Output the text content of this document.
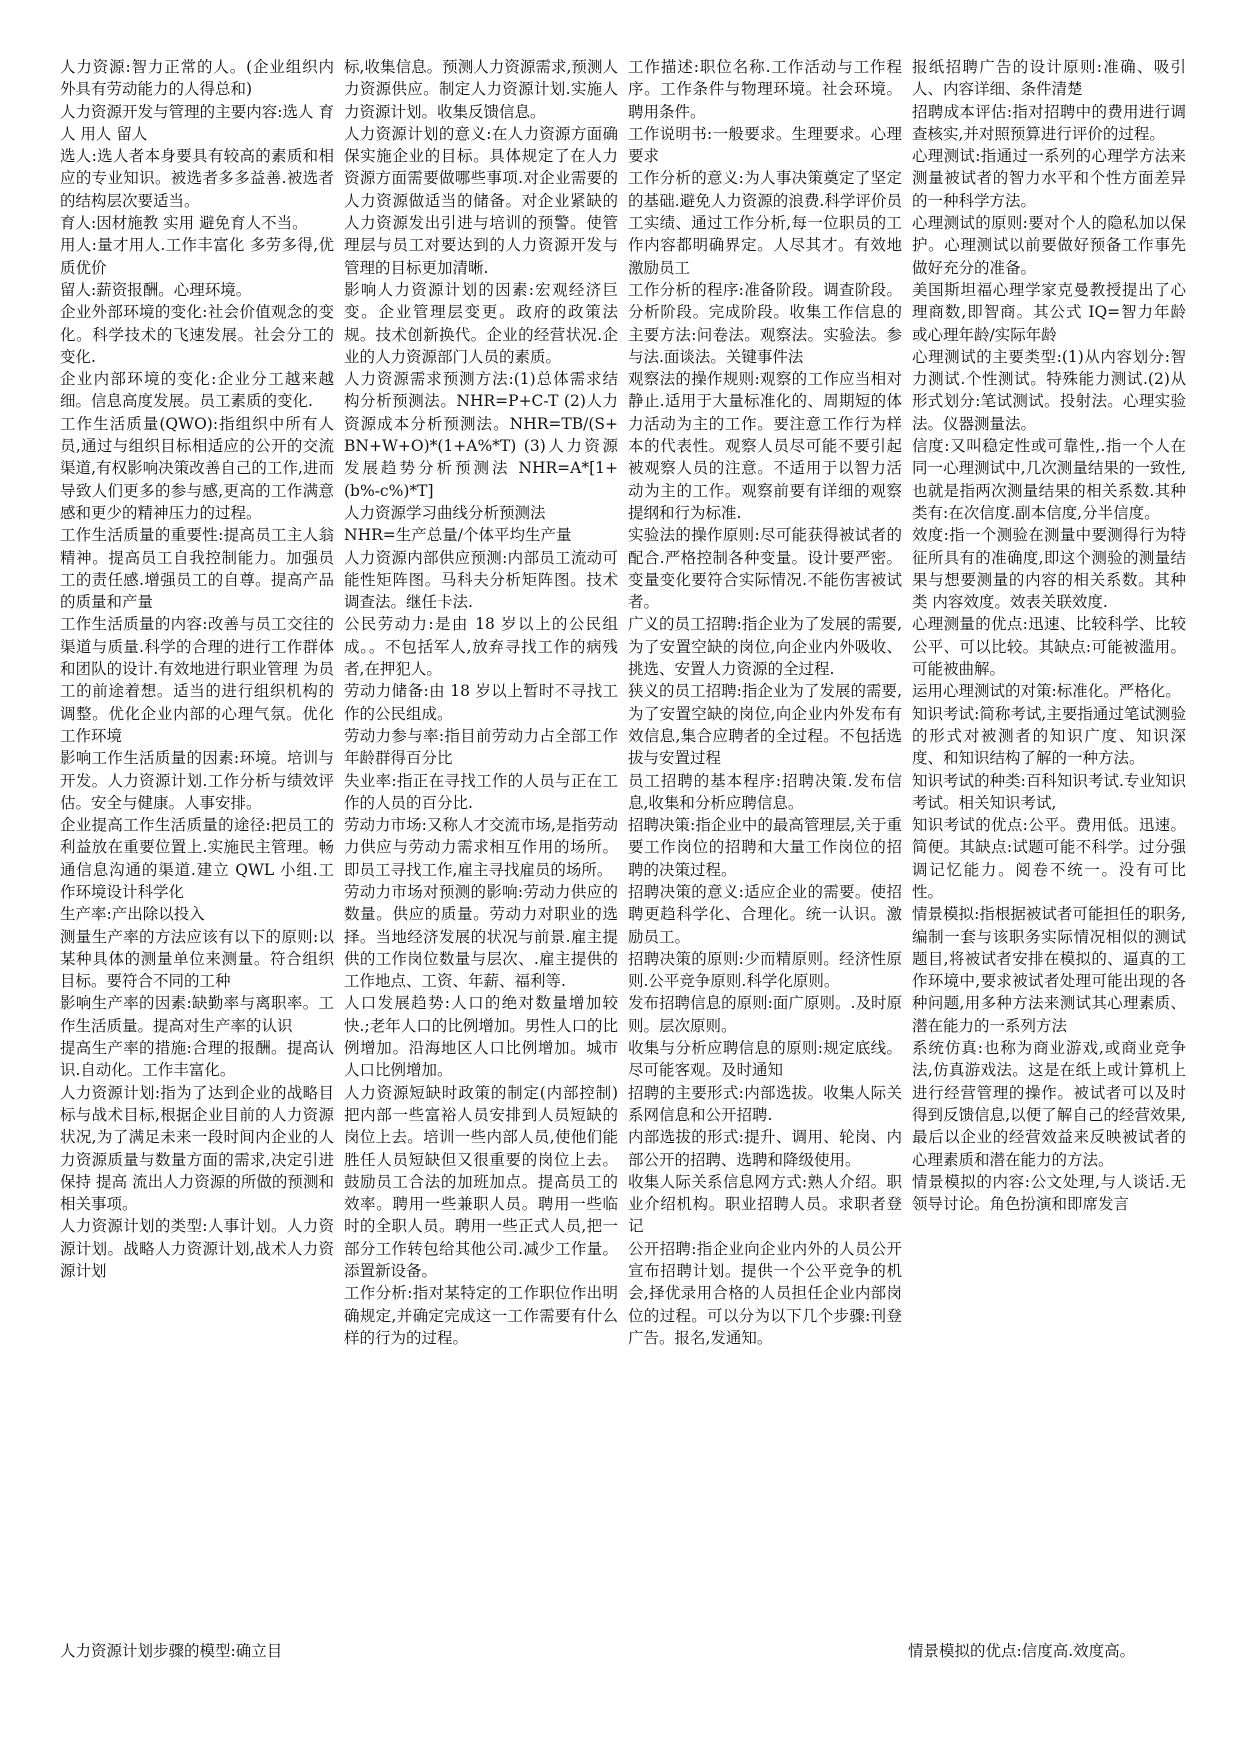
人力资源:智力正常的人。(企业组织内外具有劳动能力的人得总和)

人力资源开发与管理的主要内容:选人 育人 用人 留人

选人:选人者本身要具有较高的素质和相应的专业知识。被选者多多益善.被选者的结构层次要适当。

育人:因材施教 实用 避免育人不当。

用人:量才用人.工作丰富化 多劳多得,优质优价

留人:薪资报酬。心理环境。

企业外部环境的变化:社会价值观念的变化。科学技术的飞速发展。社会分工的变化.

企业内部环境的变化:企业分工越来越细。信息高度发展。员工素质的变化.

工作生活质量(QWO):指组织中所有人员,通过与组织目标相适应的公开的交流渠道,有权影响决策改善自己的工作,进而导致人们更多的参与感,更高的工作满意感和更少的精神压力的过程。

工作生活质量的重要性:提高员工主人翁精神。提高员工自我控制能力。加强员工的责任感.增强员工的自尊。提高产品的质量和产量

工作生活质量的内容:改善与员工交往的渠道与质量.科学的合理的进行工作群体和团队的设计.有效地进行职业管理 为员工的前途着想。适当的进行组织机构的调整。优化企业内部的心理气氛。优化工作环境

影响工作生活质量的因素:环境。培训与开发。人力资源计划.工作分析与绩效评估。安全与健康。人事安排。

企业提高工作生活质量的途径:把员工的利益放在重要位置上.实施民主管理。畅通信息沟通的渠道.建立 QWL 小组.工作环境设计科学化

生产率:产出除以投入

测量生产率的方法应该有以下的原则:以某种具体的测量单位来测量。符合组织目标。要符合不同的工种

影响生产率的因素:缺勤率与离职率。工作生活质量。提高对生产率的认识

提高生产率的措施:合理的报酬。提高认识.自动化。工作丰富化。

人力资源计划:指为了达到企业的战略目标与战术目标,根据企业目前的人力资源状况,为了满足未来一段时间内企业的人力资源质量与数量方面的需求,决定引进 保持 提高 流出人力资源的所做的预测和相关事项。

人力资源计划的类型:人事计划。人力资源计划。战略人力资源计划,战术人力资源计划

标,收集信息。预测人力资源需求,预测人力资源供应。制定人力资源计划.实施人力资源计划。收集反馈信息。

人力资源计划的意义:在人力资源方面确保实施企业的目标。具体规定了在人力资源方面需要做哪些事项.对企业需要的人力资源做适当的储备。对企业紧缺的人力资源发出引进与培训的预警。使管理层与员工对要达到的人力资源开发与管理的目标更加清晰.

影响人力资源计划的因素:宏观经济巨变。企业管理层变更。政府的政策法规。技术创新换代。企业的经营状况.企业的人力资源部门人员的素质。

人力资源需求预测方法:(1)总体需求结构分析预测法。NHR=P+C-T (2)人力资源成本分析预测法。NHR=TB/(S+BN+W+O)*(1+A%*T) (3)人力资源发展趋势分析预测法 NHR=A*[1+(b%-c%)*T]

人力资源学习曲线分析预测法

NHR=生产总量/个体平均生产量

人力资源内部供应预测:内部员工流动可能性矩阵图。马科夫分析矩阵图。技术调查法。继任卡法.

公民劳动力:是由 18 岁以上的公民组成。。不包括军人,放弃寻找工作的病残者,在押犯人。

劳动力储备:由 18 岁以上暂时不寻找工作的公民组成。

劳动力参与率:指目前劳动力占全部工作年龄群得百分比

失业率:指正在寻找工作的人员与正在工作的人员的百分比.

劳动力市场:又称人才交流市场,是指劳动力供应与劳动力需求相互作用的场所。即员工寻找工作,雇主寻找雇员的场所。

劳动力市场对预测的影响:劳动力供应的数量。供应的质量。劳动力对职业的选择。当地经济发展的状况与前景.雇主提供的工作岗位数量与层次、.雇主提供的工作地点、工资、年薪、福利等.

人口发展趋势:人口的绝对数量增加较快.;老年人口的比例增加。男性人口的比例增加。沿海地区人口比例增加。城市人口比例增加。

人力资源短缺时政策的制定(内部控制)把内部一些富裕人员安排到人员短缺的岗位上去。培训一些内部人员,使他们能胜任人员短缺但又很重要的岗位上去。鼓励员工合法的加班加点。提高员工的效率。聘用一些兼职人员。聘用一些临时的全职人员。聘用一些正式人员,把一部分工作转包给其他公司.减少工作量。添置新设备。

工作分析:指对某特定的工作职位作出明确规定,并确定完成这一工作需要有什么样的行为的过程。

工作描述:职位名称.工作活动与工作程序。工作条件与物理环境。社会环境。聘用条件。

工作说明书:一般要求。生理要求。心理要求

工作分析的意义:为人事决策奠定了坚定的基础.避免人力资源的浪费.科学评价员工实绩、通过工作分析,每一位职员的工作内容都明确界定。人尽其才。有效地激励员工

工作分析的程序:准备阶段。调查阶段。分析阶段。完成阶段。收集工作信息的主要方法:问卷法。观察法。实验法。参与法.面谈法。关键事件法

观察法的操作规则:观察的工作应当相对静止.适用于大量标准化的、周期短的体力活动为主的工作。要注意工作行为样本的代表性。观察人员尽可能不要引起被观察人员的注意。不适用于以智力活动为主的工作。观察前要有详细的观察提纲和行为标准.

实验法的操作原则:尽可能获得被试者的配合.严格控制各种变量。设计要严密。变量变化要符合实际情况.不能伤害被试者。

广义的员工招聘:指企业为了发展的需要,为了安置空缺的岗位,向企业内外吸收、挑选、安置人力资源的全过程.

狭义的员工招聘:指企业为了发展的需要,为了安置空缺的岗位,向企业内外发布有效信息,集合应聘者的全过程。不包括选拔与安置过程

员工招聘的基本程序:招聘决策.发布信息,收集和分析应聘信息。

招聘决策:指企业中的最高管理层,关于重要工作岗位的招聘和大量工作岗位的招聘的决策过程。

招聘决策的意义:适应企业的需要。使招聘更趋科学化、合理化。统一认识。激励员工。

招聘决策的原则:少而精原则。经济性原则.公平竞争原则.科学化原则。

发布招聘信息的原则:面广原则。.及时原则。层次原则。

收集与分析应聘信息的原则:规定底线。尽可能客观。及时通知

招聘的主要形式:内部选拔。收集人际关系网信息和公开招聘.

内部选拔的形式:提升、调用、轮岗、内部公开的招聘、选聘和降级使用。

收集人际关系信息网方式:熟人介绍。职业介绍机构。职业招聘人员。求职者登记

公开招聘:指企业向企业内外的人员公开宣布招聘计划。提供一个公平竞争的机会,择优录用合格的人员担任企业内部岗位的过程。可以分为以下几个步骤:刊登广告。报名,发通知。

报纸招聘广告的设计原则:准确、吸引人、内容详细、条件清楚

招聘成本评估:指对招聘中的费用进行调查核实,并对照预算进行评价的过程。

心理测试:指通过一系列的心理学方法来测量被试者的智力水平和个性方面差异的一种科学方法。

心理测试的原则:要对个人的隐私加以保护。心理测试以前要做好预备工作事先做好充分的准备。

美国斯坦福心理学家克曼教授提出了心理商数,即智商。其公式 IQ=智力年龄或心理年龄/实际年龄

心理测试的主要类型:(1)从内容划分:智力测试.个性测试。特殊能力测试.(2)从形式划分:笔试测试。投射法。心理实验法。仪器测量法。

信度:又叫稳定性或可靠性,.指一个人在同一心理测试中,几次测量结果的一致性,也就是指两次测量结果的相关系数.其种类有:在次信度.副本信度,分半信度。

效度:指一个测验在测量中要测得行为特征所具有的准确度,即这个测验的测量结果与想要测量的内容的相关系数。其种类 内容效度。效表关联效度.

心理测量的优点:迅速、比较科学、比较公平、可以比较。其缺点:可能被滥用。可能被曲解。

运用心理测试的对策:标准化。严格化。

知识考试:简称考试,主要指通过笔试测验的形式对被测者的知识广度、知识深度、和知识结构了解的一种方法。

知识考试的种类:百科知识考试.专业知识考试。相关知识考试,

知识考试的优点:公平。费用低。迅速。简便。其缺点:试题可能不科学。过分强调记忆能力。阅卷不统一。没有可比性。

情景模拟:指根据被试者可能担任的职务,编制一套与该职务实际情况相似的测试题目,将被试者安排在模拟的、逼真的工作环境中,要求被试者处理可能出现的各种问题,用多种方法来测试其心理素质、潜在能力的一系列方法

系统仿真:也称为商业游戏,或商业竞争法,仿真游戏法。这是在纸上或计算机上进行经营管理的操作。被试者可以及时得到反馈信息,以便了解自己的经营效果,最后以企业的经营效益来反映被试者的心理素质和潜在能力的方法。

情景模拟的内容:公文处理,与人谈话.无领导讨论。角色扮演和即席发言

人力资源计划步骤的模型:确立目	情景模拟的优点:信度高.效度高。
